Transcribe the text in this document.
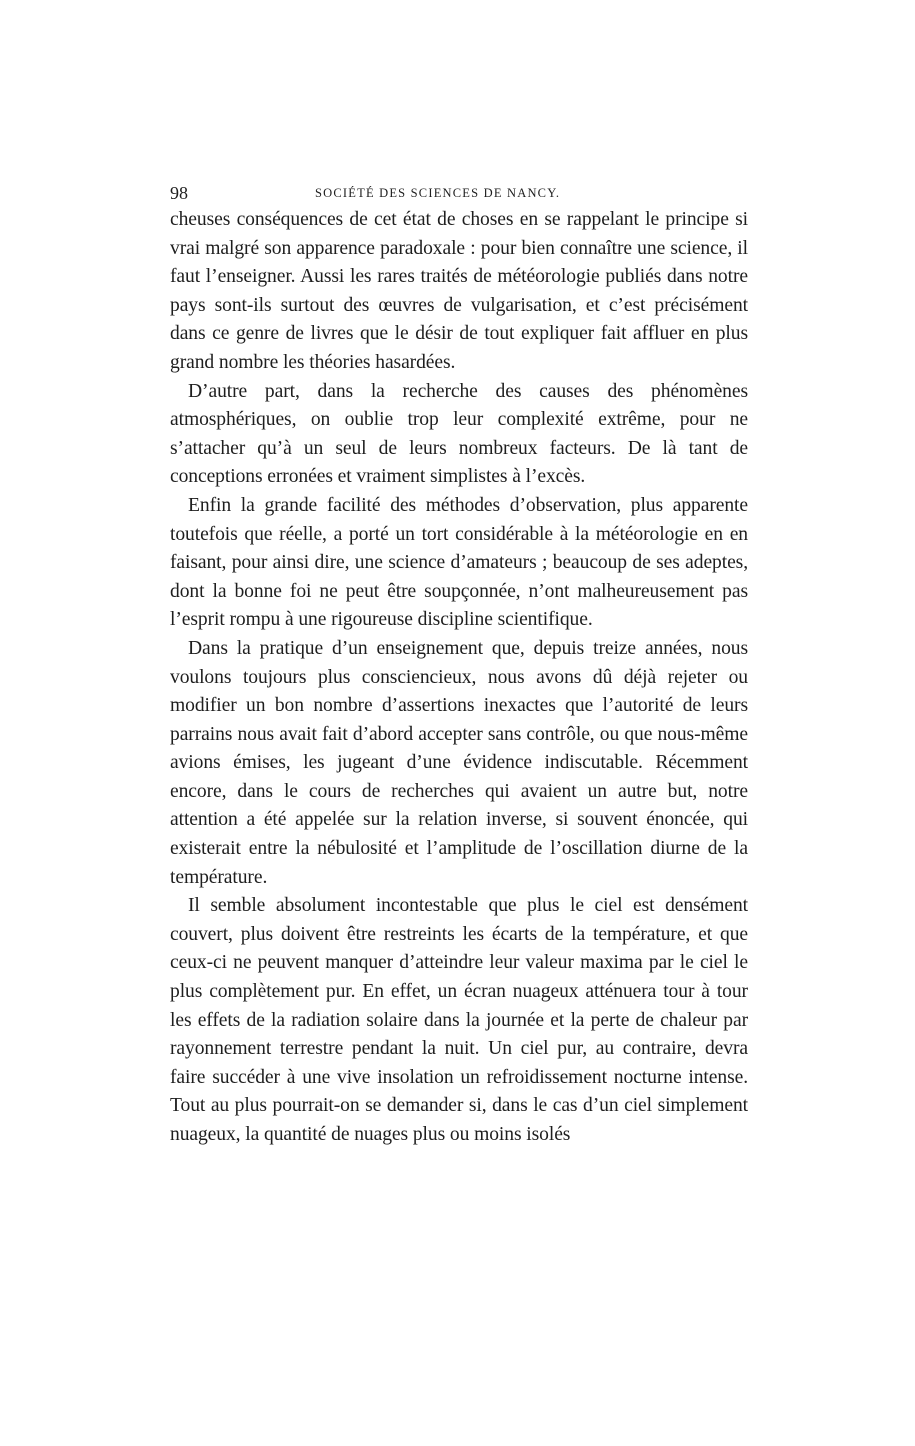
98	SOCIÉTÉ DES SCIENCES DE NANCY.

cheuses conséquences de cet état de choses en se rappelant le principe si vrai malgré son apparence paradoxale : pour bien connaître une science, il faut l’enseigner. Aussi les rares traités de météorologie publiés dans notre pays sont-ils surtout des œuvres de vulgarisation, et c’est précisément dans ce genre de livres que le désir de tout expliquer fait affluer en plus grand nombre les théories hasardées.

D’autre part, dans la recherche des causes des phénomènes atmosphériques, on oublie trop leur complexité extrême, pour ne s’attacher qu’à un seul de leurs nombreux facteurs. De là tant de conceptions erronées et vraiment simplistes à l’excès.

Enfin la grande facilité des méthodes d’observation, plus apparente toutefois que réelle, a porté un tort considérable à la météorologie en en faisant, pour ainsi dire, une science d’amateurs ; beaucoup de ses adeptes, dont la bonne foi ne peut être soupçonnée, n’ont malheureusement pas l’esprit rompu à une rigoureuse discipline scientifique.

Dans la pratique d’un enseignement que, depuis treize années, nous voulons toujours plus consciencieux, nous avons dû déjà rejeter ou modifier un bon nombre d’assertions inexactes que l’autorité de leurs parrains nous avait fait d’abord accepter sans contrôle, ou que nous-même avions émises, les jugeant d’une évidence indiscutable. Récemment encore, dans le cours de recherches qui avaient un autre but, notre attention a été appelée sur la relation inverse, si souvent énoncée, qui existerait entre la nébulosité et l’amplitude de l’oscillation diurne de la température.

Il semble absolument incontestable que plus le ciel est densément couvert, plus doivent être restreints les écarts de la température, et que ceux-ci ne peuvent manquer d’atteindre leur valeur maxima par le ciel le plus complètement pur. En effet, un écran nuageux atténuera tour à tour les effets de la radiation solaire dans la journée et la perte de chaleur par rayonnement terrestre pendant la nuit. Un ciel pur, au contraire, devra faire succéder à une vive insolation un refroidissement nocturne intense. Tout au plus pourrait-on se demander si, dans le cas d’un ciel simplement nuageux, la quantité de nuages plus ou moins isolés
